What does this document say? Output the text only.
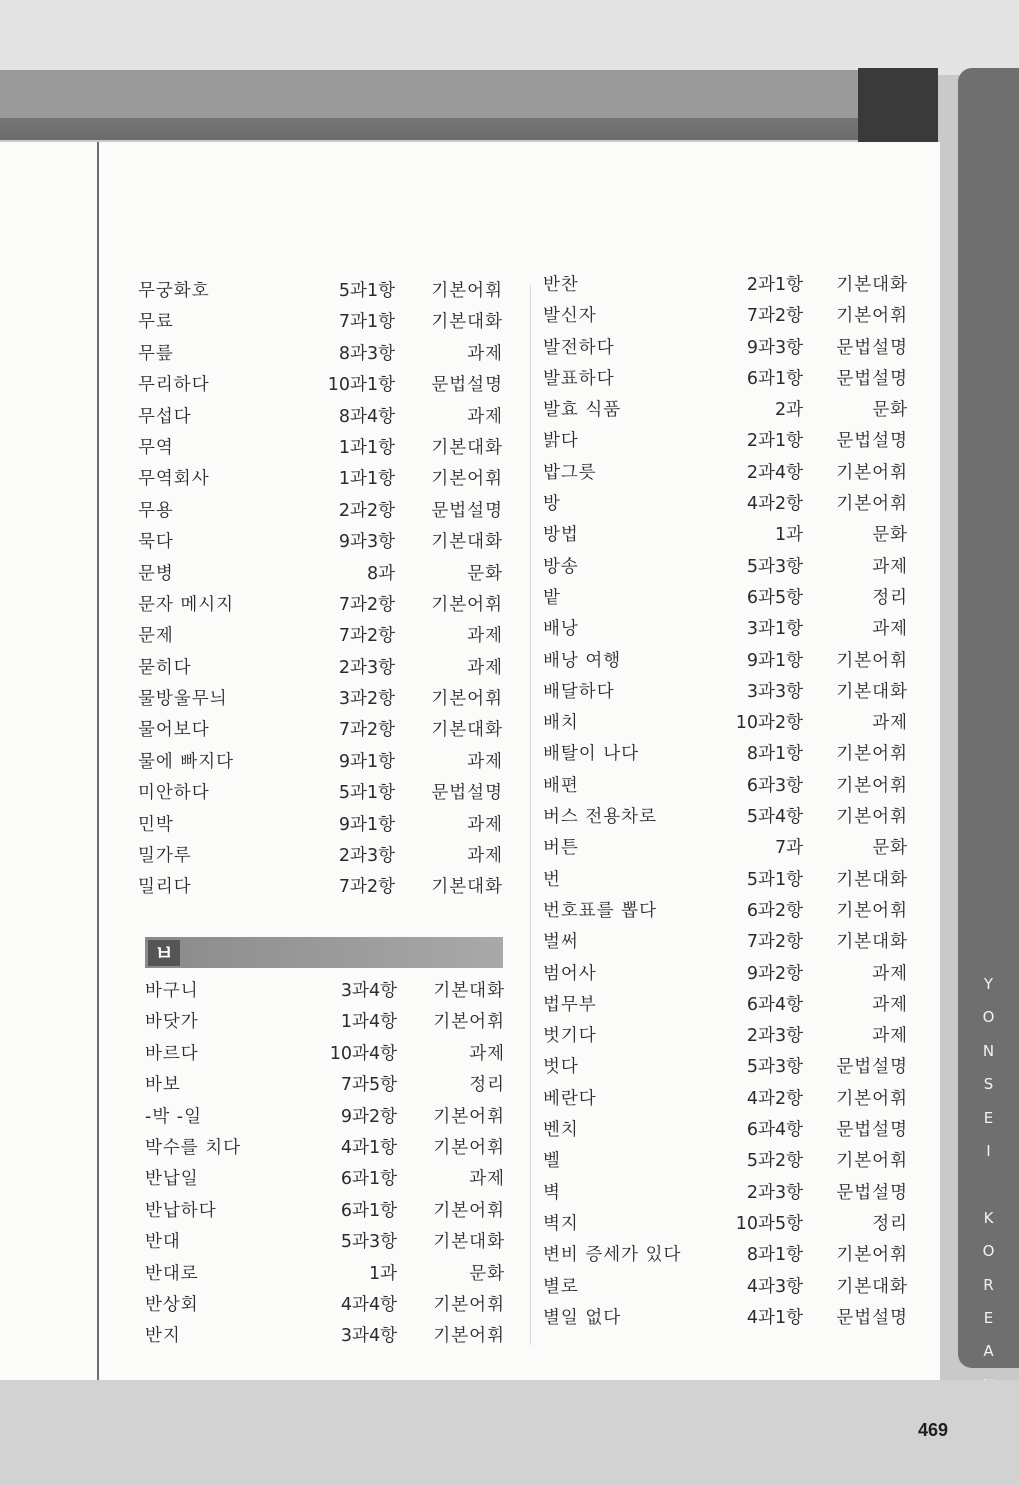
Y
O
N
S
E
I
K
O
R
E
A
무궁화호	5과1항 기본어휘
무료	7과1항 기본대화
무릎	8과3항	과제
무리하다	10과1항 문법설명
무섭다	8과4항	과제
무역	1과1항 기본대화
무역회사	1과1항 기본어휘
무용	2과2항 문법설명
묵다	9과3항 기본대화
문병	8과	문화
문자 메시지	7과2항 기본어휘
문제	7과2항	과제
묻히다	2과3항	과제
물방울무늬	3과2항 기본어휘
물어보다	7과2항 기본대화
물에 빠지다	9과1항	과제
미안하다	5과1항 문법설명
민박	9과1항	과제
밀가루	2과3항	과제
밀리다	7과2항 기본대화
ㅂ
바구니	3과4항 기본대화
바닷가	1과4항 기본어휘
바르다	10과4항	과제
바보	7과5항	정리
-박 -일	9과2항 기본어휘
박수를 치다	4과1항 기본어휘
반납일	6과1항	과제
반납하다	6과1항 기본어휘
반대	5과3항 기본대화
반대로	1과	문화
반상회	4과4항 기본어휘
반지	3과4항 기본어휘
반찬	2과1항 기본대화
발신자	7과2항 기본어휘
발전하다	9과3항 문법설명
발표하다	6과1항 문법설명
발효 식품	2과	문화
밝다	2과1항 문법설명
밥그릇	2과4항 기본어휘
방	4과2항 기본어휘
방법	1과	문화
방송	5과3항	과제
밭	6과5항	정리
배낭	3과1항	과제
배낭 여행	9과1항 기본어휘
배달하다	3과3항 기본대화
배치	10과2항	과제
배탈이 나다	8과1항 기본어휘
배편	6과3항 기본어휘
버스 전용차로	5과4항 기본어휘
버튼	7과	문화
번	5과1항 기본대화
번호표를 뽑다	6과2항 기본어휘
벌써	7과2항 기본대화
범어사	9과2항	과제
법무부	6과4항	과제
벗기다	2과3항	과제
벗다	5과3항 문법설명
베란다	4과2항 기본어휘
벤치	6과4항 문법설명
벨	5과2항 기본어휘
벽	2과3항 문법설명
벽지	10과5항	정리
변비 증세가 있다	8과1항 기본어휘
별로	4과3항 기본대화
별일 없다	4과1항 문법설명
469
